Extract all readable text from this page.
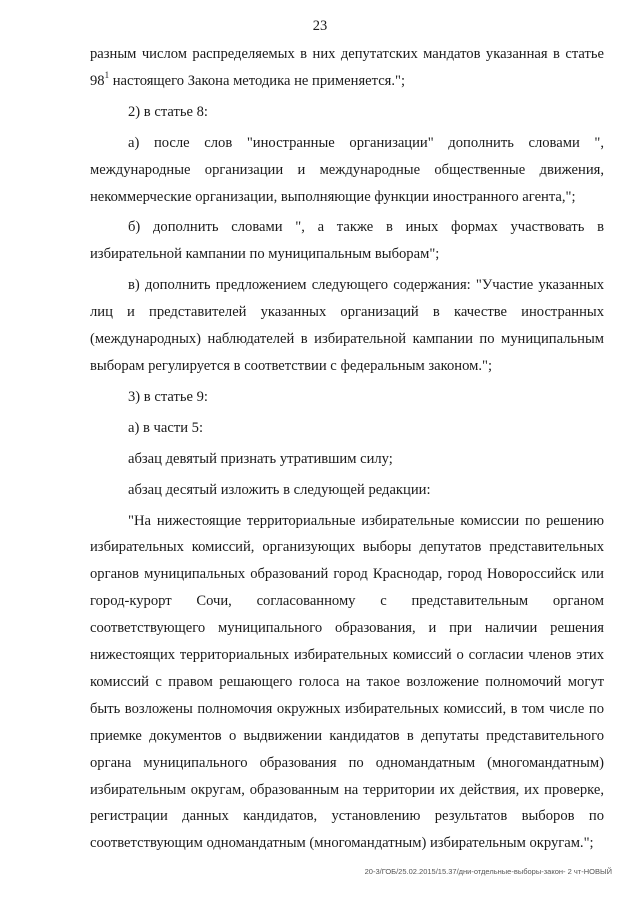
23

разным числом распределяемых в них депутатских мандатов указанная в статье $98^1$ настоящего Закона методика не применяется.";

2) в статье 8:

а) после слов "иностранные организации" дополнить словами ", международные организации и международные общественные движения, некоммерческие организации, выполняющие функции иностранного агента,";

б) дополнить словами ", а также в иных формах участвовать в избирательной кампании по муниципальным выборам";

в) дополнить предложением следующего содержания: "Участие указанных лиц и представителей указанных организаций в качестве иностранных (международных) наблюдателей в избирательной кампании по муниципальным выборам регулируется в соответствии с федеральным законом.";

3) в статье 9:

а) в части 5:

абзац девятый признать утратившим силу;

абзац десятый изложить в следующей редакции:

"На нижестоящие территориальные избирательные комиссии по решению избирательных комиссий, организующих выборы депутатов представительных органов муниципальных образований город Краснодар, город Новороссийск или город-курорт Сочи, согласованному с представительным органом соответствующего муниципального образования, и при наличии решения нижестоящих территориальных избирательных комиссий о согласии членов этих комиссий с правом решающего голоса на такое возложение полномочий могут быть возложены полномочия окружных избирательных комиссий, в том числе по приемке документов о выдвижении кандидатов в депутаты представительного органа муниципального образования по одномандатным (многомандатным) избирательным округам, образованным на территории их действия, их проверке, регистрации данных кандидатов, установлению результатов выборов по соответствующим одномандатным (многомандатным) избирательным округам.";

20-3/ГОБ/25.02.2015/15.37/дни-отдельные-выборы-закон- 2 чт-НОВЫЙ
